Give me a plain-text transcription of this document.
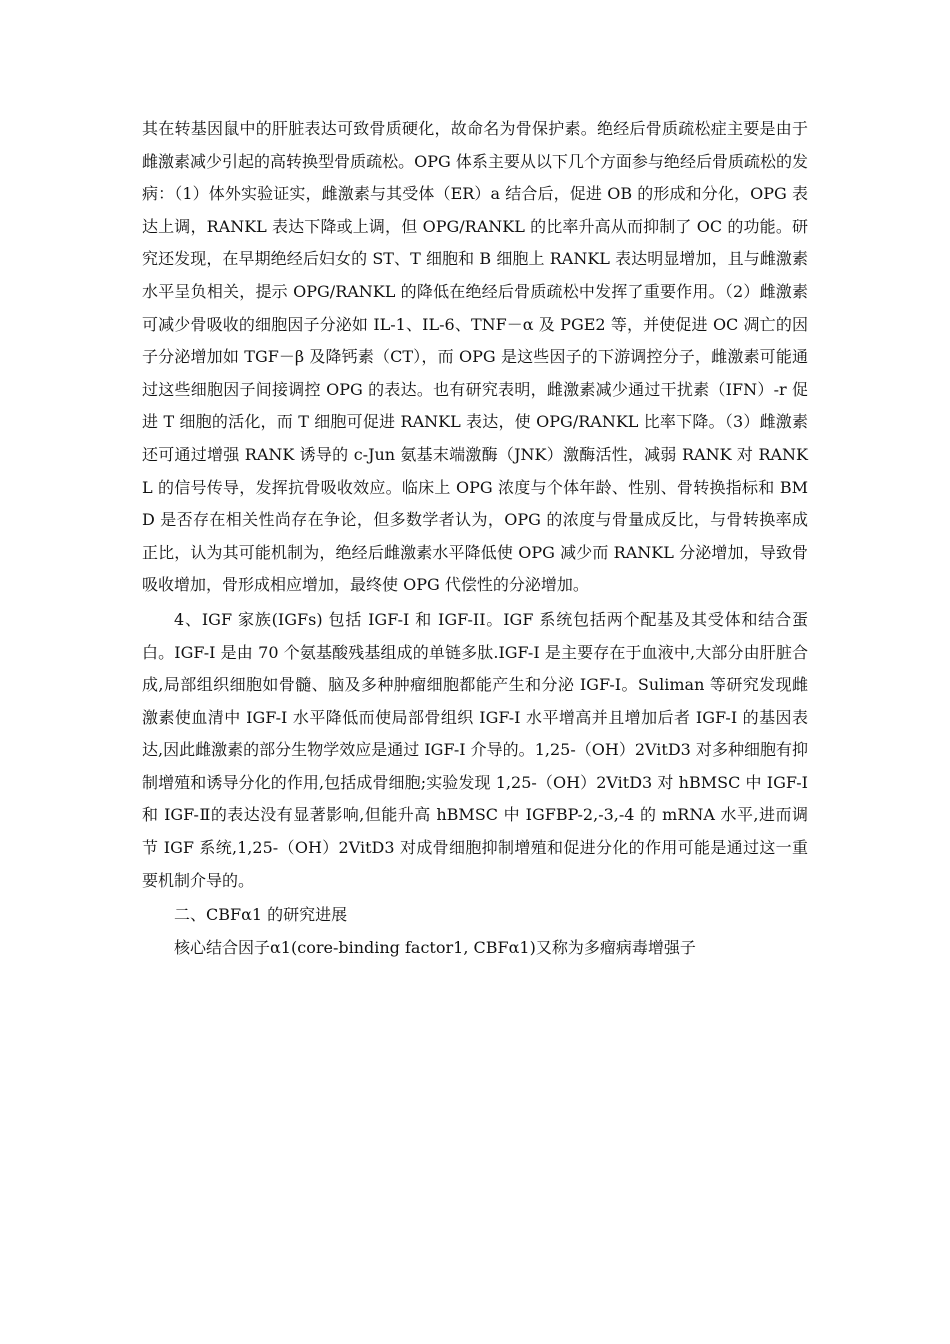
其在转基因鼠中的肝脏表达可致骨质硬化，故命名为骨保护素。绝经后骨质疏松症主要是由于雌激素减少引起的高转换型骨质疏松。OPG 体系主要从以下几个方面参与绝经后骨质疏松的发病：（1）体外实验证实，雌激素与其受体（ER）a 结合后，促进 OB 的形成和分化，OPG 表达上调，RANKL 表达下降或上调，但 OPG/RANKL 的比率升高从而抑制了 OC 的功能。研究还发现，在早期绝经后妇女的 ST、T 细胞和 B 细胞上 RANKL 表达明显增加，且与雌激素水平呈负相关，提示 OPG/RANKL 的降低在绝经后骨质疏松中发挥了重要作用。（2）雌激素可减少骨吸收的细胞因子分泌如 IL-1、IL-6、TNF－α 及 PGE2 等，并使促进 OC 凋亡的因子分泌增加如 TGF－β 及降钙素（CT），而 OPG 是这些因子的下游调控分子，雌激素可能通过这些细胞因子间接调控 OPG 的表达。也有研究表明，雌激素减少通过干扰素（IFN）-r 促进 T 细胞的活化，而 T 细胞可促进 RANKL 表达，使 OPG/RANKL 比率下降。（3）雌激素还可通过增强 RANK 诱导的 c-Jun 氨基末端激酶（JNK）激酶活性，减弱 RANK 对 RANKL 的信号传导，发挥抗骨吸收效应。临床上 OPG 浓度与个体年龄、性别、骨转换指标和 BMD 是否存在相关性尚存在争论，但多数学者认为，OPG 的浓度与骨量成反比，与骨转换率成正比，认为其可能机制为，绝经后雌激素水平降低使 OPG 减少而 RANKL 分泌增加，导致骨吸收增加，骨形成相应增加，最终使 OPG 代偿性的分泌增加。

4、IGF 家族(IGFs) 包括 IGF-I 和 IGF-II。IGF 系统包括两个配基及其受体和结合蛋白。IGF-I 是由 70 个氨基酸残基组成的单链多肽.IGF-I 是主要存在于血液中,大部分由肝脏合成,局部组织细胞如骨髓、脑及多种肿瘤细胞都能产生和分泌 IGF-I。Suliman 等研究发现雌激素使血清中 IGF-I 水平降低而使局部骨组织 IGF-I 水平增高并且增加后者 IGF-I 的基因表达,因此雌激素的部分生物学效应是通过 IGF-I 介导的。1,25-（OH）2VitD3 对多种细胞有抑制增殖和诱导分化的作用,包括成骨细胞;实验发现 1,25-（OH）2VitD3 对 hBMSC 中 IGF-I 和 IGF-Ⅱ的表达没有显著影响,但能升高 hBMSC 中 IGFBP-2,-3,-4 的 mRNA 水平,进而调节 IGF 系统,1,25-（OH）2VitD3 对成骨细胞抑制增殖和促进分化的作用可能是通过这一重要机制介导的。

二、CBFα1 的研究进展

核心结合因子α1(core-binding factor1, CBFα1)又称为多瘤病毒增强子
